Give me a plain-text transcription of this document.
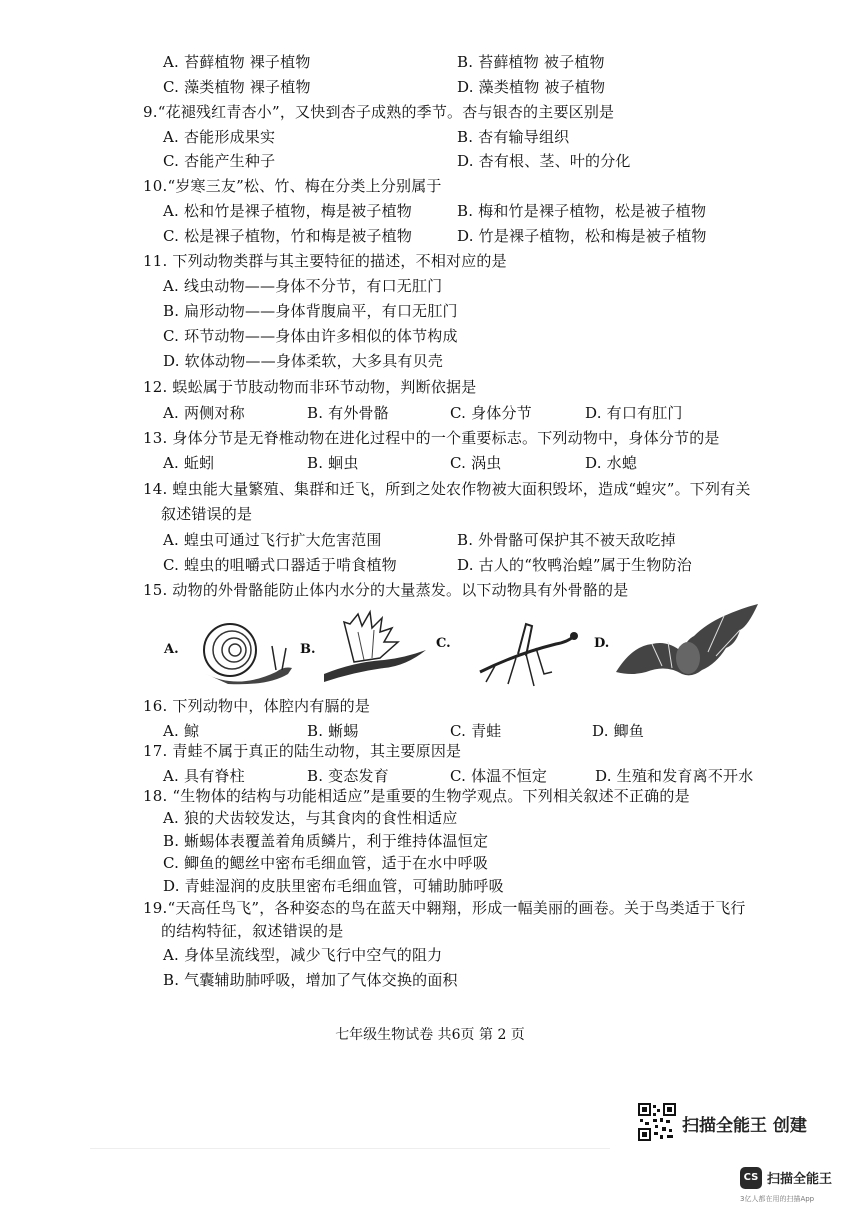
A. 苔藓植物 裸子植物	B. 苔藓植物 被子植物
C. 藻类植物 裸子植物	D. 藻类植物 被子植物
9.“花褪残红青杏小”，又快到杏子成熟的季节。杏与银杏的主要区别是
A. 杏能形成果实	B. 杏有输导组织
C. 杏能产生种子	D. 杏有根、茎、叶的分化
10.“岁寒三友”松、竹、梅在分类上分别属于
A. 松和竹是裸子植物，梅是被子植物	B. 梅和竹是裸子植物，松是被子植物
C. 松是裸子植物，竹和梅是被子植物	D. 竹是裸子植物，松和梅是被子植物
11. 下列动物类群与其主要特征的描述，不相对应的是
A. 线虫动物——身体不分节，有口无肛门
B. 扁形动物——身体背腹扁平，有口无肛门
C. 环节动物——身体由许多相似的体节构成
D. 软体动物——身体柔软，大多具有贝壳
12. 蜈蚣属于节肢动物而非环节动物，判断依据是
A. 两侧对称	B. 有外骨骼	C. 身体分节	D. 有口有肛门
13. 身体分节是无脊椎动物在进化过程中的一个重要标志。下列动物中，身体分节的是
A. 蚯蚓	B. 蛔虫	C. 涡虫	D. 水螅
14. 蝗虫能大量繁殖、集群和迁飞，所到之处农作物被大面积毁坏，造成“蝗灾”。下列有关
叙述错误的是
A. 蝗虫可通过飞行扩大危害范围	B. 外骨骼可保护其不被天敌吃掉
C. 蝗虫的咀嚼式口器适于啃食植物	D. 古人的“牧鸭治蝗”属于生物防治
15. 动物的外骨骼能防止体内水分的大量蒸发。以下动物具有外骨骼的是
A.	B.	C.	D.
16. 下列动物中，体腔内有膈的是
A. 鲸	B. 蜥蜴	C. 青蛙	D. 鲫鱼
17. 青蛙不属于真正的陆生动物，其主要原因是
A. 具有脊柱	B. 变态发育	C. 体温不恒定	D. 生殖和发育离不开水
18. “生物体的结构与功能相适应”是重要的生物学观点。下列相关叙述不正确的是
A. 狼的犬齿较发达，与其食肉的食性相适应
B. 蜥蜴体表覆盖着角质鳞片，利于维持体温恒定
C. 鲫鱼的鳃丝中密布毛细血管，适于在水中呼吸
D. 青蛙湿润的皮肤里密布毛细血管，可辅助肺呼吸
19.“天高任鸟飞”，各种姿态的鸟在蓝天中翱翔，形成一幅美丽的画卷。关于鸟类适于飞行
的结构特征，叙述错误的是
A. 身体呈流线型，减少飞行中空气的阻力
B. 气囊辅助肺呼吸，增加了气体交换的面积
七年级生物试卷 共6页 第 2 页
扫描全能王 创建
CS 扫描全能王
3亿人都在用的扫描App
